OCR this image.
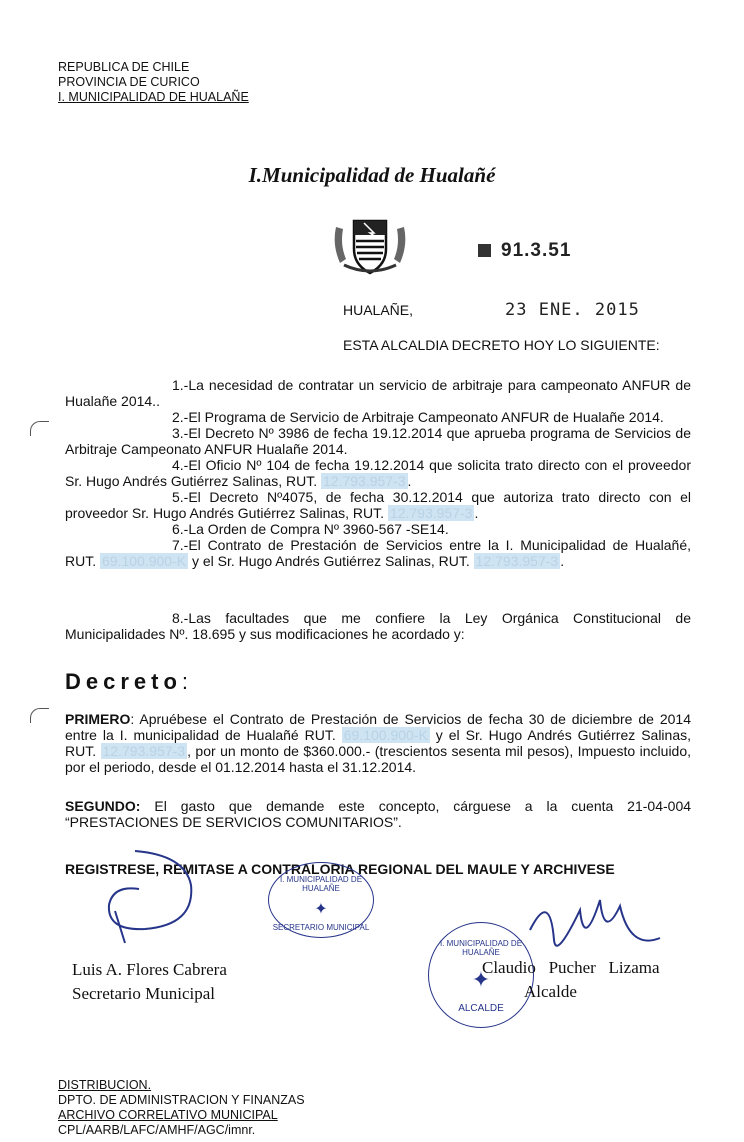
REPUBLICA DE CHILE
PROVINCIA DE CURICO
I. MUNICIPALIDAD DE HUALAÑE
I.Municipalidad de Hualañé
91.3.51
HUALAÑE,	23 ENE. 2015
ESTA ALCALDIA DECRETO HOY LO SIGUIENTE:

1.-La necesidad de contratar un servicio de arbitraje para campeonato ANFUR de Hualañe 2014..

2.-El Programa de Servicio de Arbitraje Campeonato ANFUR de Hualañe 2014.

3.-El Decreto Nº 3986 de fecha 19.12.2014 que aprueba programa de Servicios de Arbitraje Campeonato ANFUR Hualañe 2014.

4.-El Oficio Nº 104 de fecha 19.12.2014 que solicita trato directo con el proveedor Sr. Hugo Andrés Gutiérrez Salinas, RUT. 12.793.957-3 .

5.-El Decreto Nº4075, de fecha 30.12.2014 que autoriza trato directo con el proveedor Sr. Hugo Andrés Gutiérrez Salinas, RUT. 12.793.957-3 .

6.-La Orden de Compra Nº 3960-567 -SE14.

7.-El Contrato de Prestación de Servicios entre la I. Municipalidad de Hualañé, RUT. 69.100.900-K y el Sr. Hugo Andrés Gutiérrez Salinas, RUT. 12.793.957-3 .

8.-Las facultades que me confiere la Ley Orgánica Constitucional de Municipalidades Nº. 18.695 y sus modificaciones he acordado y:

Decreto:

PRIMERO: Apruébese el Contrato de Prestación de Servicios de fecha 30 de diciembre de 2014 entre la I. municipalidad de Hualañé RUT. 69.100.900-K y el Sr. Hugo Andrés Gutiérrez Salinas, RUT. 12.793.957-3 , por un monto de $360.000.- (trescientos sesenta mil pesos), Impuesto incluido, por el periodo, desde el 01.12.2014 hasta el 31.12.2014.

SEGUNDO: El gasto que demande este concepto, cárguese a la cuenta 21-04-004 “PRESTACIONES DE SERVICIOS COMUNITARIOS”.

REGISTRESE, REMITASE A CONTRALORIA REGIONAL DEL MAULE Y ARCHIVESE
I. MUNICIPALIDAD DE HUALAÑE
✦
SECRETARIO MUNICIPAL
Luis A. Flores Cabrera
Secretario Municipal
I. MUNICIPALIDAD DE HUALAÑE
✦
ALCALDE
Claudio   Pucher   Lizama
Alcalde
DISTRIBUCION.
DPTO. DE ADMINISTRACION Y FINANZAS
ARCHIVO CORRELATIVO MUNICIPAL
CPL/AARB/LAFC/AMHF/AGC/imnr.
